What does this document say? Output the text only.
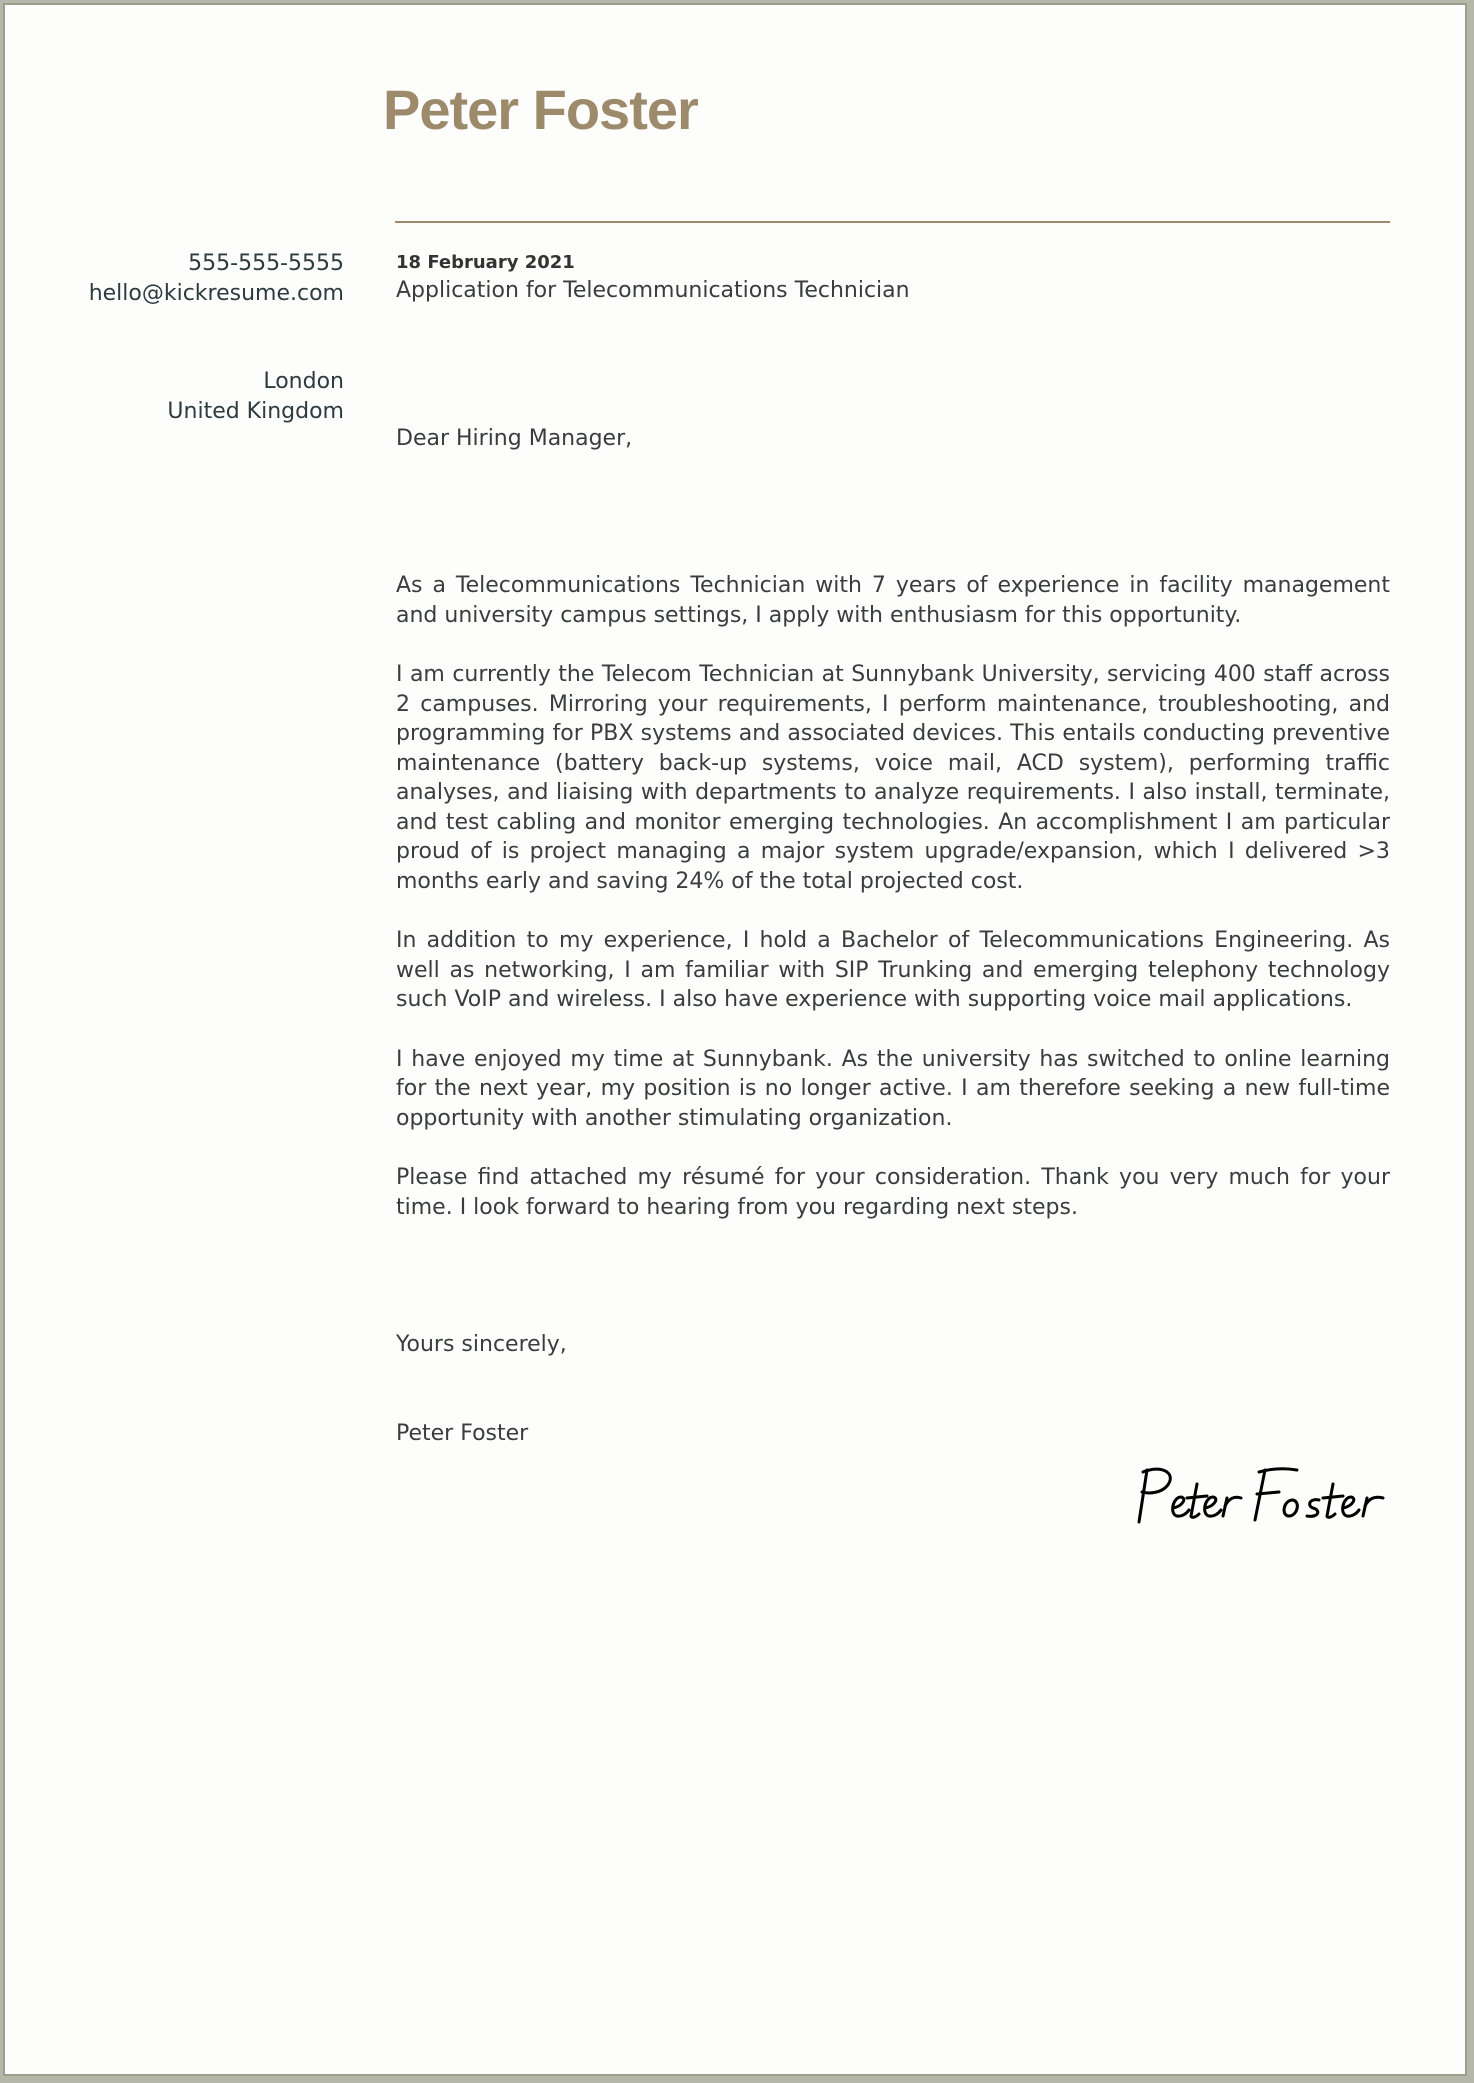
Peter Foster
555-555-5555
hello@kickresume.com
London
United Kingdom
18 February 2021
Application for Telecommunications Technician
Dear Hiring Manager,

As a Telecommunications Technician with 7 years of experience in facility management and university campus settings, I apply with enthusiasm for this opportunity.

I am currently the Telecom Technician at Sunnybank University, servicing 400 staff across 2 campuses. Mirroring your requirements, I perform maintenance, troubleshooting, and programming for PBX systems and associated devices. This entails conducting preventive maintenance (battery back-up systems, voice mail, ACD system), performing traffic analyses, and liaising with departments to analyze requirements. I also install, terminate, and test cabling and monitor emerging technologies. An accomplishment I am particular proud of is project managing a major system upgrade/expansion, which I delivered >3 months early and saving 24% of the total projected cost.

In addition to my experience, I hold a Bachelor of Telecommunications Engineering. As well as networking, I am familiar with SIP Trunking and emerging telephony technology such VoIP and wireless. I also have experience with supporting voice mail applications.

I have enjoyed my time at Sunnybank. As the university has switched to online learning for the next year, my position is no longer active. I am therefore seeking a new full-time opportunity with another stimulating organization.

Please find attached my résumé for your consideration. Thank you very much for your time. I look forward to hearing from you regarding next steps.

Yours sincerely,
Peter Foster
